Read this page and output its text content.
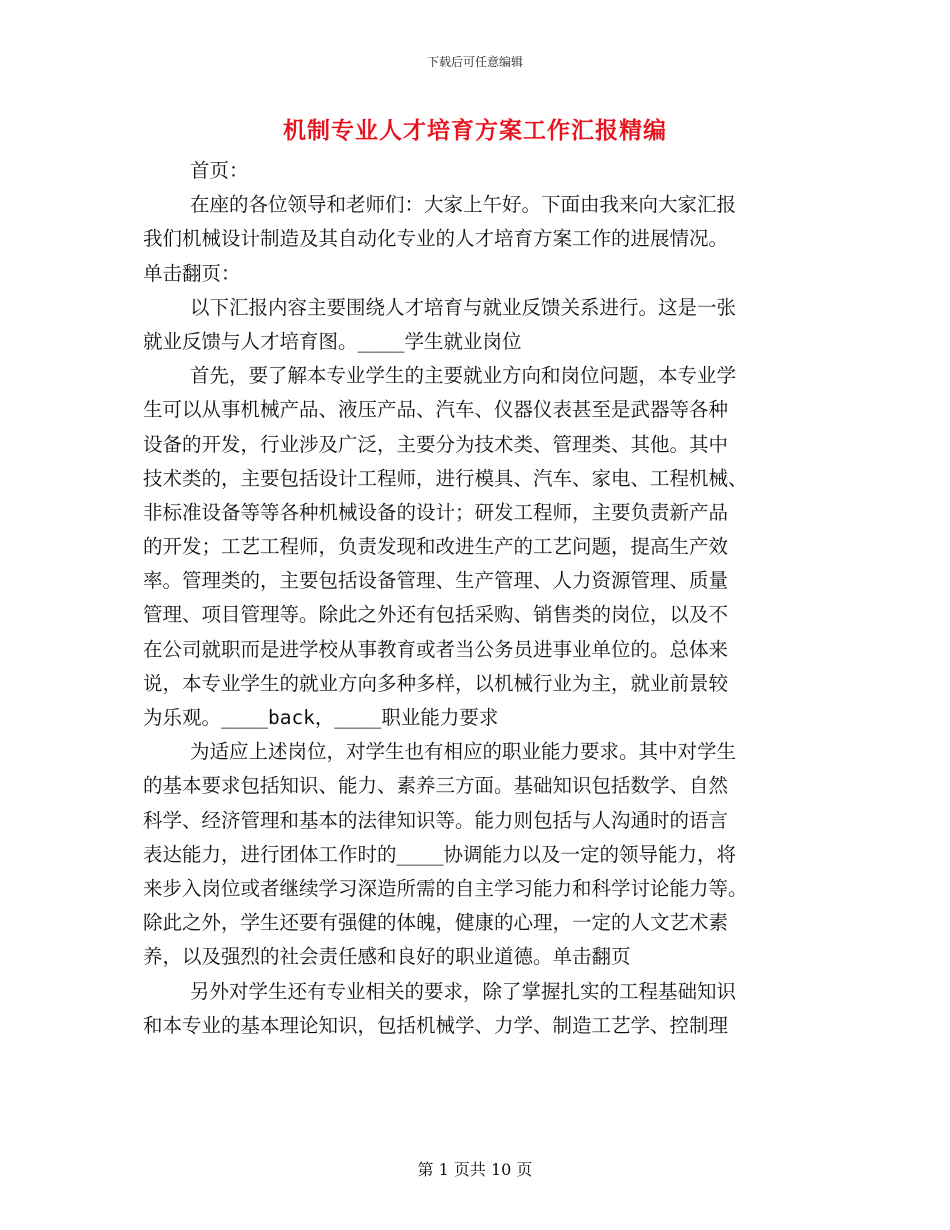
下载后可任意编辑
机制专业人才培育方案工作汇报精编
首页：
在座的各位领导和老师们：大家上午好。下面由我来向大家汇报
我们机械设计制造及其自动化专业的人才培育方案工作的进展情况。
单击翻页：
以下汇报内容主要围绕人才培育与就业反馈关系进行。这是一张
就业反馈与人才培育图。____学生就业岗位
首先，要了解本专业学生的主要就业方向和岗位问题，本专业学
生可以从事机械产品、液压产品、汽车、仪器仪表甚至是武器等各种
设备的开发，行业涉及广泛，主要分为技术类、管理类、其他。其中
技术类的，主要包括设计工程师，进行模具、汽车、家电、工程机械、
非标准设备等等各种机械设备的设计；研发工程师，主要负责新产品
的开发；工艺工程师，负责发现和改进生产的工艺问题，提高生产效
率。管理类的，主要包括设备管理、生产管理、人力资源管理、质量
管理、项目管理等。除此之外还有包括采购、销售类的岗位，以及不
在公司就职而是进学校从事教育或者当公务员进事业单位的。总体来
说，本专业学生的就业方向多种多样，以机械行业为主，就业前景较
为乐观。____back，____职业能力要求
为适应上述岗位，对学生也有相应的职业能力要求。其中对学生
的基本要求包括知识、能力、素养三方面。基础知识包括数学、自然
科学、经济管理和基本的法律知识等。能力则包括与人沟通时的语言
表达能力，进行团体工作时的____协调能力以及一定的领导能力，将
来步入岗位或者继续学习深造所需的自主学习能力和科学讨论能力等。
除此之外，学生还要有强健的体魄，健康的心理，一定的人文艺术素
养，以及强烈的社会责任感和良好的职业道德。单击翻页
另外对学生还有专业相关的要求，除了掌握扎实的工程基础知识
和本专业的基本理论知识，包括机械学、力学、制造工艺学、控制理
第 1 页共 10 页
